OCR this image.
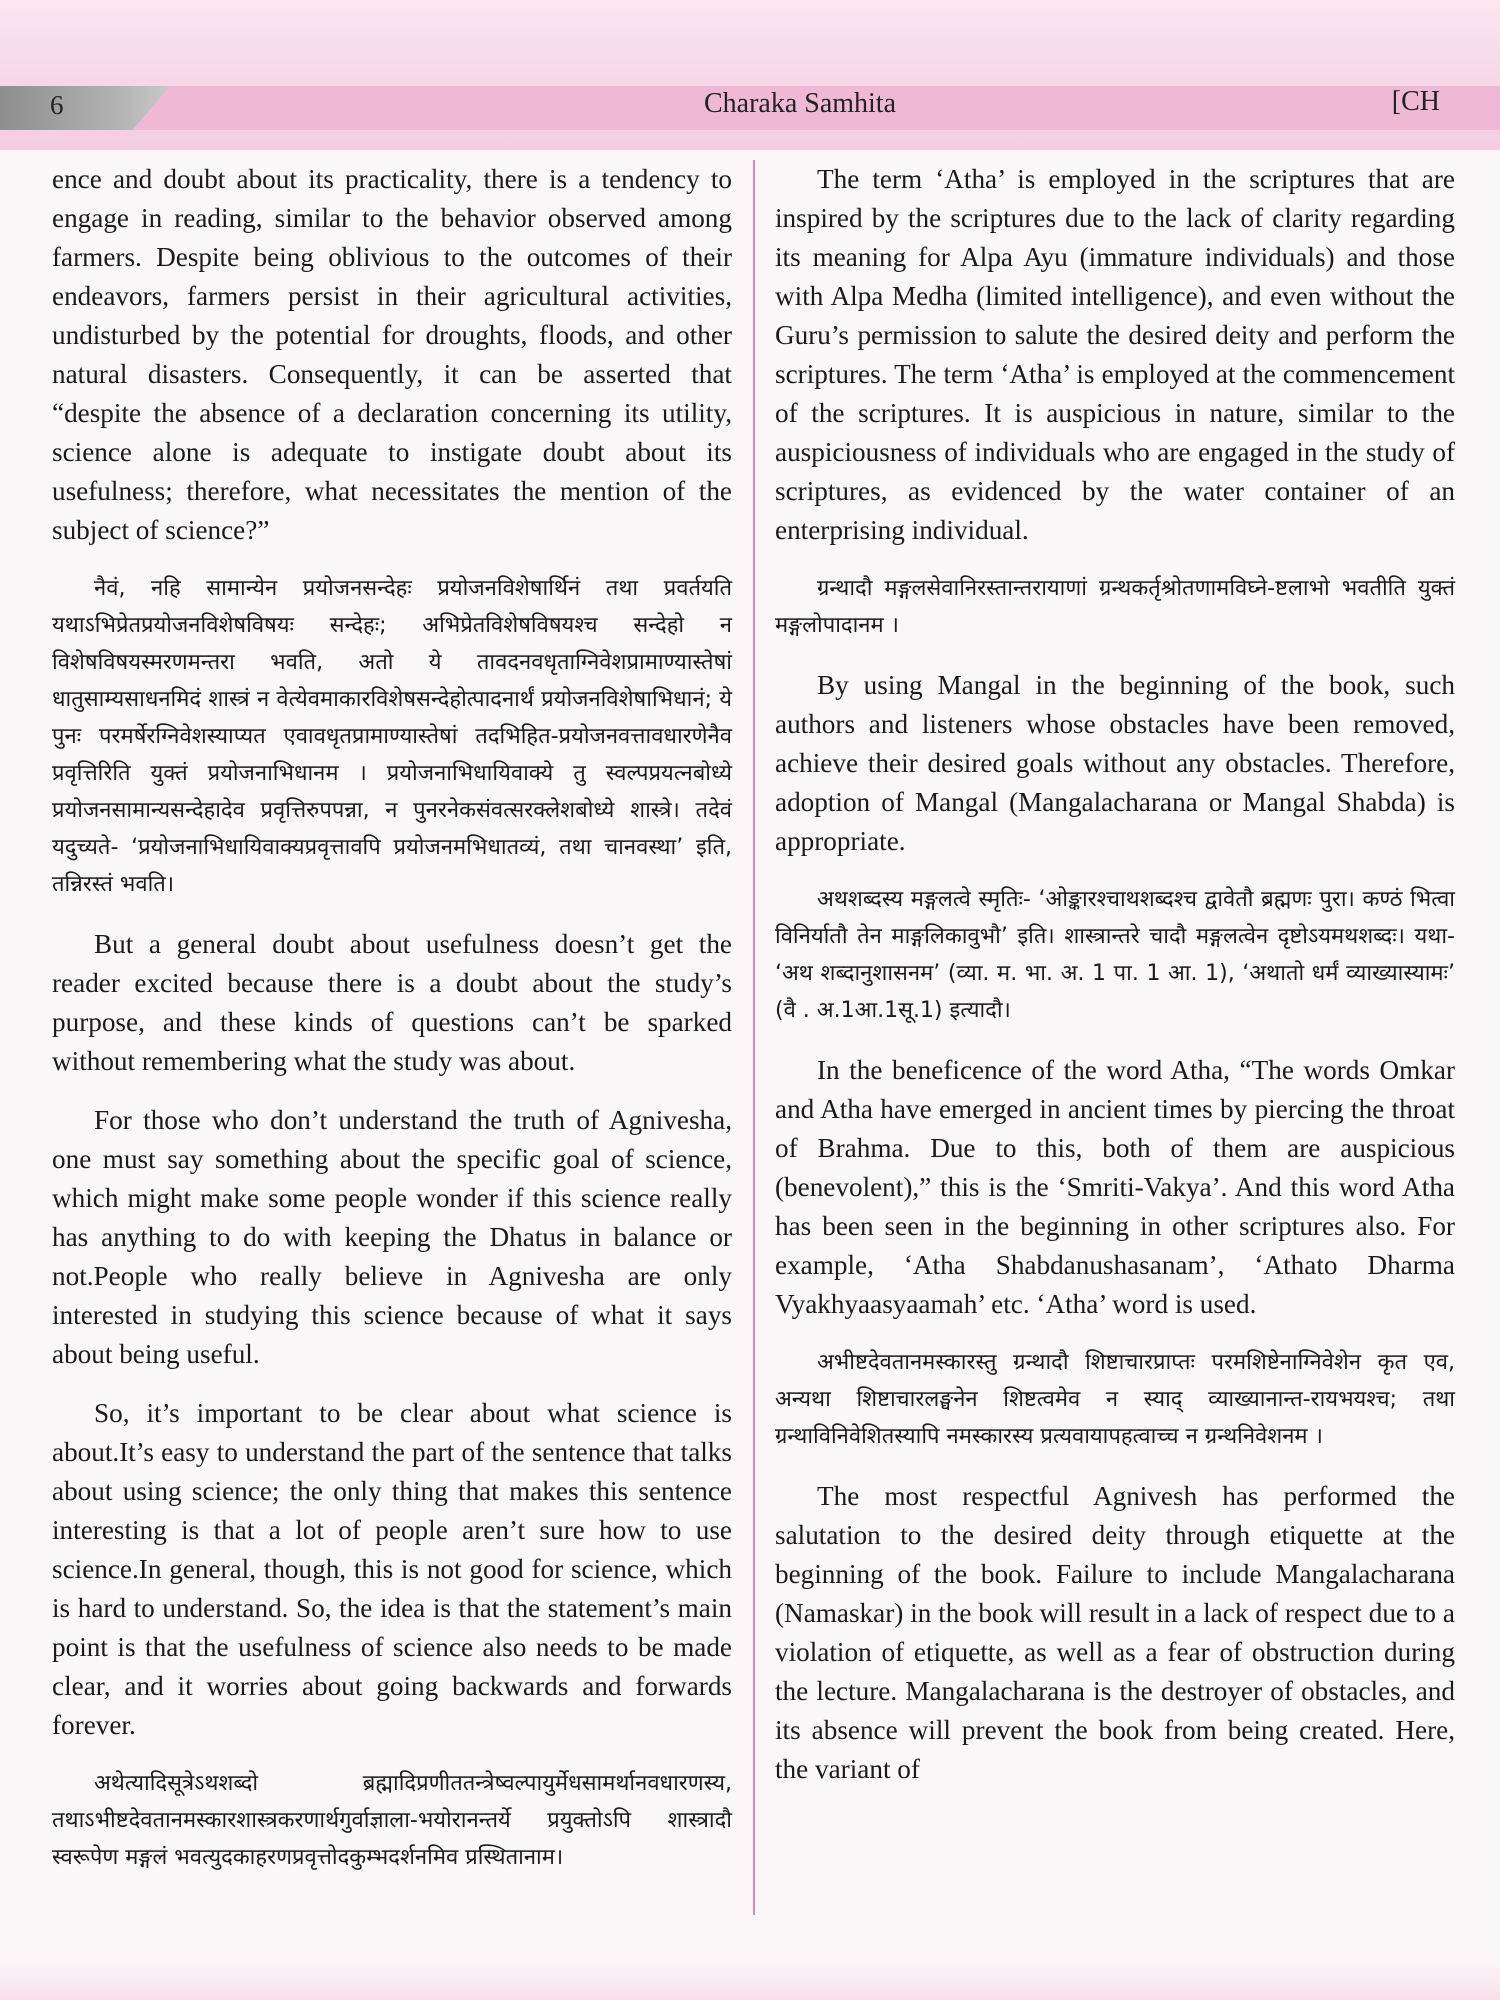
6	Charaka Samhita	[CH

ence and doubt about its practicality, there is a tendency to engage in reading, similar to the behavior observed among farmers. Despite being oblivious to the outcomes of their endeavors, farmers persist in their agricultural activities, undisturbed by the potential for droughts, floods, and other natural disasters. Consequently, it can be asserted that “despite the absence of a declaration concerning its utility, science alone is adequate to instigate doubt about its usefulness; therefore, what necessitates the mention of the subject of science?”

नैवं, नहि सामान्येन प्रयोजनसन्देहः प्रयोजनविशेषार्थिनं तथा प्रवर्तयति यथाऽभिप्रेतप्रयोजनविशेषविषयः सन्देहः; अभिप्रेतविशेषविषयश्च सन्देहो न विशेषविषयस्मरणमन्तरा भवति, अतो ये तावदनवधृताग्निवेशप्रामाण्यास्तेषां धातुसाम्यसाधनमिदं शास्त्रं न वेत्येवमाकारविशेषसन्देहोत्पादनार्थं प्रयोजनविशेषाभिधानं; ये पुनः परमर्षेरग्निवेशस्याप्यत एवावधृतप्रामाण्यास्तेषां तदभिहित-प्रयोजनवत्तावधारणेनैव प्रवृत्तिरिति युक्तं प्रयोजनाभिधानम । प्रयोजनाभिधायिवाक्ये तु स्वल्पप्रयत्नबोध्ये प्रयोजनसामान्यसन्देहादेव प्रवृत्तिरुपपन्ना, न पुनरनेकसंवत्सरक्लेशबोध्ये शास्त्रे। तदेवं यदुच्यते- ‘प्रयोजनाभिधायिवाक्यप्रवृत्तावपि प्रयोजनमभिधातव्यं, तथा चानवस्था’ इति, तन्निरस्तं भवति।

But a general doubt about usefulness doesn’t get the reader excited because there is a doubt about the study’s purpose, and these kinds of questions can’t be sparked without remembering what the study was about.

For those who don’t understand the truth of Agnivesha, one must say something about the specific goal of science, which might make some people wonder if this science really has anything to do with keeping the Dhatus in balance or not.People who really believe in Agnivesha are only interested in studying this science because of what it says about being useful.

So, it’s important to be clear about what science is about.It’s easy to understand the part of the sentence that talks about using science; the only thing that makes this sentence interesting is that a lot of people aren’t sure how to use science.In general, though, this is not good for science, which is hard to understand. So, the idea is that the statement’s main point is that the usefulness of science also needs to be made clear, and it worries about going backwards and forwards forever.

अथेत्यादिसूत्रेऽथशब्दो ब्रह्मादिप्रणीततन्त्रेष्वल्पायुर्मेधसामर्थानवधारणस्य, तथाऽभीष्टदेवतानमस्कारशास्त्रकरणार्थगुर्वाज्ञाला-भयोरानन्तर्ये प्रयुक्तोऽपि शास्त्रादौ स्वरूपेण मङ्गलं भवत्युदकाहरणप्रवृत्तोदकुम्भदर्शनमिव प्रस्थितानाम।

The term ‘Atha’ is employed in the scriptures that are inspired by the scriptures due to the lack of clarity regarding its meaning for Alpa Ayu (immature individuals) and those with Alpa Medha (limited intelligence), and even without the Guru’s permission to salute the desired deity and perform the scriptures. The term ‘Atha’ is employed at the commencement of the scriptures. It is auspicious in nature, similar to the auspiciousness of individuals who are engaged in the study of scriptures, as evidenced by the water container of an enterprising individual.

ग्रन्थादौ मङ्गलसेवानिरस्तान्तरायाणां ग्रन्थकर्तृश्रोतणामविघ्ने-ष्टलाभो भवतीति युक्तं मङ्गलोपादानम ।

By using Mangal in the beginning of the book, such authors and listeners whose obstacles have been removed, achieve their desired goals without any obstacles. Therefore, adoption of Mangal (Mangalacharana or Mangal Shabda) is appropriate.

अथशब्दस्य मङ्गलत्वे स्मृतिः- ‘ओङ्कारश्चाथशब्दश्च द्वावेतौ ब्रह्मणः पुरा। कण्ठं भित्वा विनिर्यातौ तेन माङ्गलिकावुभौ’ इति। शास्त्रान्तरे चादौ मङ्गलत्वेन दृष्टोऽयमथशब्दः। यथा- ‘अथ शब्दानुशासनम’ (व्या. म. भा. अ. 1 पा. 1 आ. 1), ‘अथातो धर्मं व्याख्यास्यामः’ (वै . अ.1आ.1सू.1) इत्यादौ।

In the beneficence of the word Atha, “The words Omkar and Atha have emerged in ancient times by piercing the throat of Brahma. Due to this, both of them are auspicious (benevolent),” this is the ‘Smriti-Vakya’. And this word Atha has been seen in the beginning in other scriptures also. For example, ‘Atha Shabdanushasanam’, ‘Athato Dharma Vyakhyaasyaamah’ etc. ‘Atha’ word is used.

अभीष्टदेवतानमस्कारस्तु ग्रन्थादौ शिष्टाचारप्राप्तः परमशिष्टेनाग्निवेशेन कृत एव, अन्यथा शिष्टाचारलङ्घनेन शिष्टत्वमेव न स्याद् व्याख्यानान्त-रायभयश्च; तथा ग्रन्थाविनिवेशितस्यापि नमस्कारस्य प्रत्यवायापहत्वाच्च न ग्रन्थनिवेशनम ।

The most respectful Agnivesh has performed the salutation to the desired deity through etiquette at the beginning of the book. Failure to include Mangalacharana (Namaskar) in the book will result in a lack of respect due to a violation of etiquette, as well as a fear of obstruction during the lecture. Mangalacharana is the destroyer of obstacles, and its absence will prevent the book from being created. Here, the variant of
